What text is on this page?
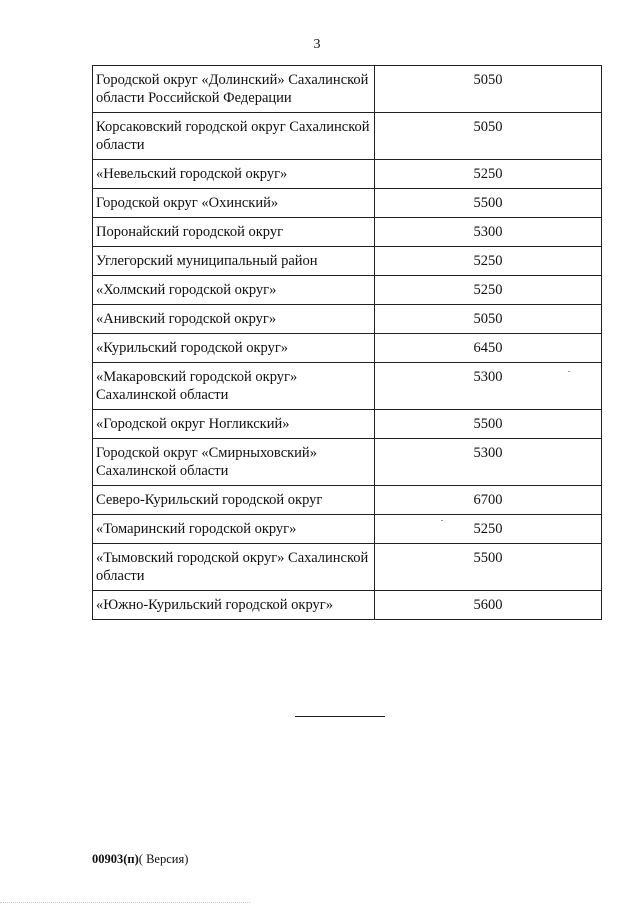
3
Городской округ «Долинский» Сахалинской области Российской Федерации	5050
Корсаковский городской округ Сахалинской области	5050
«Невельский городской округ»	5250
Городской округ «Охинский»	5500
Поронайский городской округ	5300
Углегорский муниципальный район	5250
«Холмский городской округ»	5250
«Анивский городской округ»	5050
«Курильский городской округ»	6450
«Макаровский городской округ» Сахалинской области	5300
«Городской округ Ногликский»	5500
Городской округ «Смирныховский» Сахалинской области	5300
Северо-Курильский городской округ	6700
«Томаринский городской округ»	5250
«Тымовский городской округ» Сахалинской области	5500
«Южно-Курильский городской округ»	5600
00903(п)( Версия)
